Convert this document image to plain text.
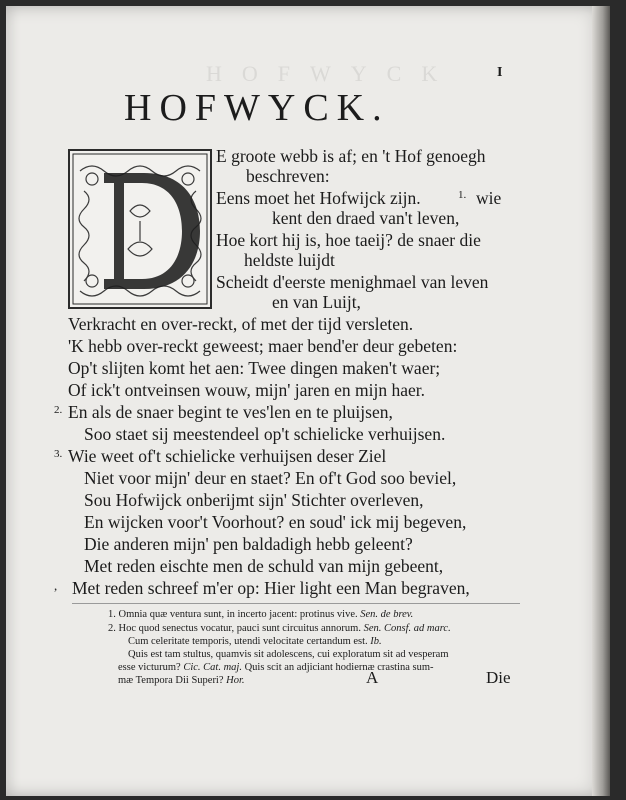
HOFWYCK	I
HOFWYCK.
E groote webb is af; en 't Hof genoegh
beschreven:
Eens moet het Hofwijck zijn.	1. wie
kent den draed van't leven,
Hoe kort hij is, hoe taeij? de snaer die
heldste luijdt
Scheidt d'eerste menighmael van leven
en van Luijt,
Verkracht en over-reckt, of met der tijd versleten.
'K hebb over-reckt geweest; maer bend'er deur gebeten:
Op't slijten komt het aen: Twee dingen maken't waer;
Of ick't ontveinsen wouw, mijn' jaren en mijn haer.
2. En als de snaer begint te ves'len en te pluijsen,
Soo staet sij meestendeel op't schielicke verhuijsen.
3. Wie weet of't schielicke verhuijsen deser Ziel
Niet voor mijn' deur en staet? En of't God soo beviel,
Sou Hofwijck onberijmt sijn' Stichter overleven,
En wijcken voor't Voorhout? en soud' ick mij begeven,
Die anderen mijn' pen baldadigh hebb geleent?
Met reden eischte men de schuld van mijn gebeent,
, Met reden schreef m'er op: Hier light een Man begraven,
1. Omnia quæ ventura sunt, in incerto jacent: protinus vive. Sen. de brev.
2. Hoc quod senectus vocatur, pauci sunt circuitus annorum. Sen. Consf. ad marc.
Cum celeritate temporis, utendi velocitate certandum est. Ib.
Quis est tam stultus, quamvis sit adolescens, cui exploratum sit ad vesperam
esse victurum? Cic. Cat. maj. Quis scit an adjiciant hodiernæ crastina sum-
mæ Tempora Dii Superi? Hor.	A	Die
